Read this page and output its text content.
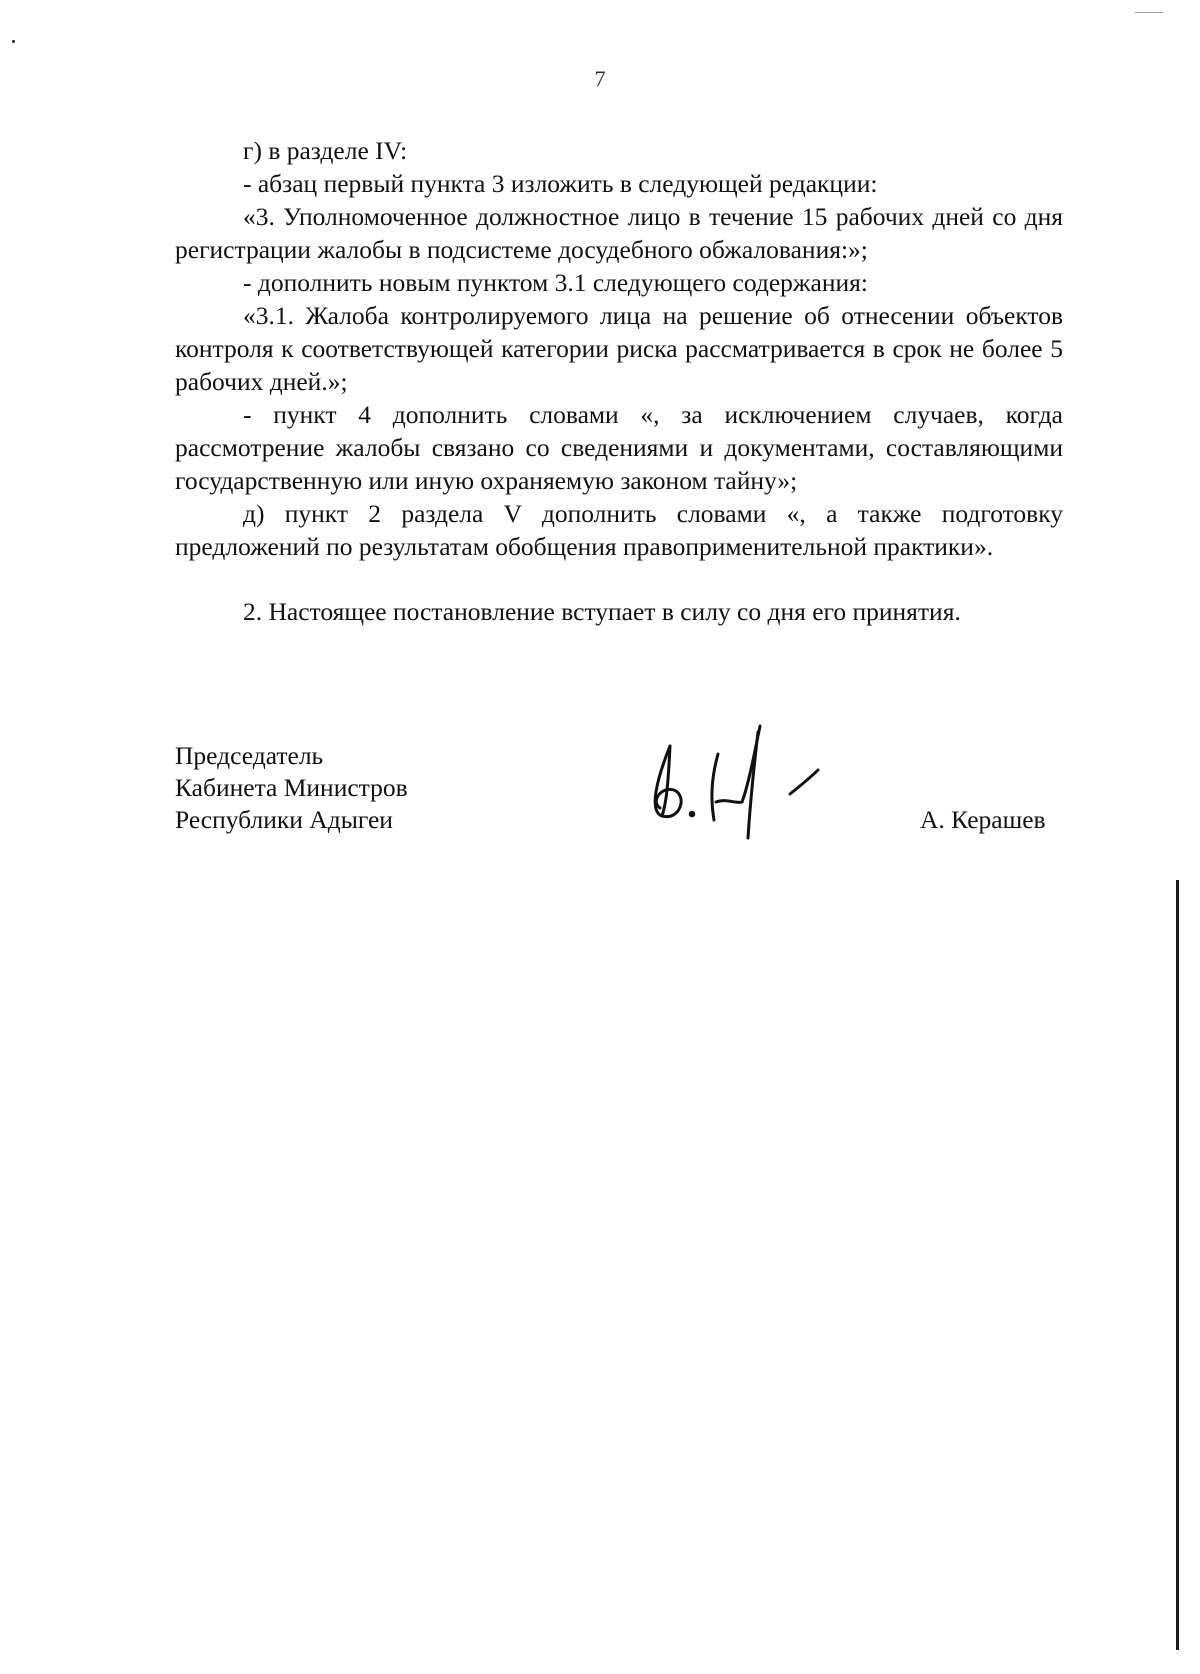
7

г) в разделе IV:

- абзац первый пункта 3 изложить в следующей редакции:

«3. Уполномоченное должностное лицо в течение 15 рабочих дней со дня регистрации жалобы в подсистеме досудебного обжалования:»;

- дополнить новым пунктом 3.1 следующего содержания:

«3.1. Жалоба контролируемого лица на решение об отнесении объектов контроля к соответствующей категории риска рассматривается в срок не более 5 рабочих дней.»;

- пункт 4 дополнить словами «, за исключением случаев, когда рассмотрение жалобы связано со сведениями и документами, составляющими государственную или иную охраняемую законом тайну»;

д) пункт 2 раздела V дополнить словами «, а также подготовку предложений по результатам обобщения правоприменительной практики».

2. Настоящее постановление вступает в силу со дня его принятия.

Председатель
Кабинета Министров
Республики Адыгеи	А. Керашев
